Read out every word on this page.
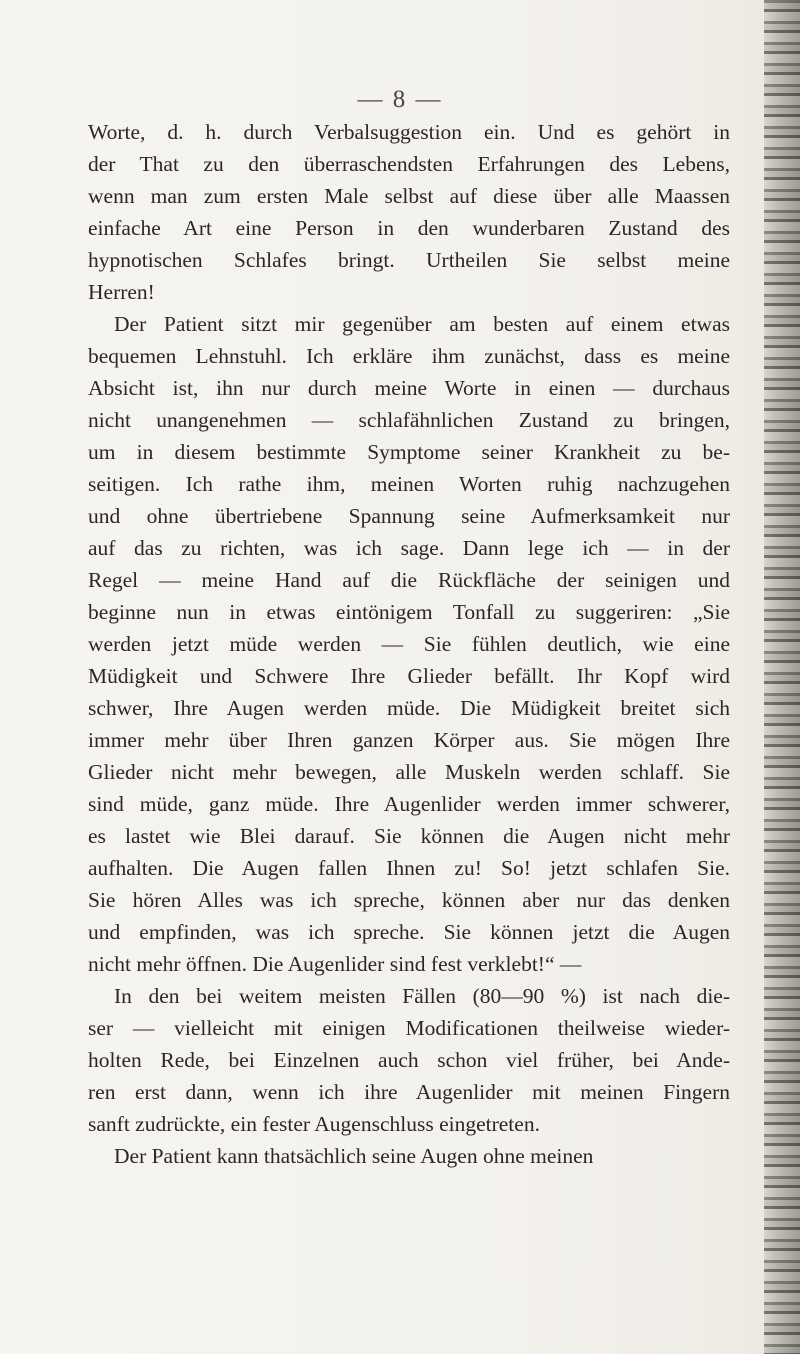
— 8 —
Worte, d. h. durch Verbalsuggestion ein. Und es gehört in
der That zu den überraschendsten Erfahrungen des Lebens,
wenn man zum ersten Male selbst auf diese über alle Maassen
einfache Art eine Person in den wunderbaren Zustand des
hypnotischen Schlafes bringt. Urtheilen Sie selbst meine
Herren!
Der Patient sitzt mir gegenüber am besten auf einem etwas
bequemen Lehnstuhl. Ich erkläre ihm zunächst, dass es meine
Absicht ist, ihn nur durch meine Worte in einen — durchaus
nicht unangenehmen — schlafähnlichen Zustand zu bringen,
um in diesem bestimmte Symptome seiner Krankheit zu be-
seitigen. Ich rathe ihm, meinen Worten ruhig nachzugehen
und ohne übertriebene Spannung seine Aufmerksamkeit nur
auf das zu richten, was ich sage. Dann lege ich — in der
Regel — meine Hand auf die Rückfläche der seinigen und
beginne nun in etwas eintönigem Tonfall zu suggeriren: „Sie
werden jetzt müde werden — Sie fühlen deutlich, wie eine
Müdigkeit und Schwere Ihre Glieder befällt. Ihr Kopf wird
schwer, Ihre Augen werden müde. Die Müdigkeit breitet sich
immer mehr über Ihren ganzen Körper aus. Sie mögen Ihre
Glieder nicht mehr bewegen, alle Muskeln werden schlaff. Sie
sind müde, ganz müde. Ihre Augenlider werden immer schwerer,
es lastet wie Blei darauf. Sie können die Augen nicht mehr
aufhalten. Die Augen fallen Ihnen zu! So! jetzt schlafen Sie.
Sie hören Alles was ich spreche, können aber nur das denken
und empfinden, was ich spreche. Sie können jetzt die Augen
nicht mehr öffnen. Die Augenlider sind fest verklebt!“ —
In den bei weitem meisten Fällen (80—90 %) ist nach die-
ser — vielleicht mit einigen Modificationen theilweise wieder-
holten Rede, bei Einzelnen auch schon viel früher, bei Ande-
ren erst dann, wenn ich ihre Augenlider mit meinen Fingern
sanft zudrückte, ein fester Augenschluss eingetreten.
Der Patient kann thatsächlich seine Augen ohne meinen
